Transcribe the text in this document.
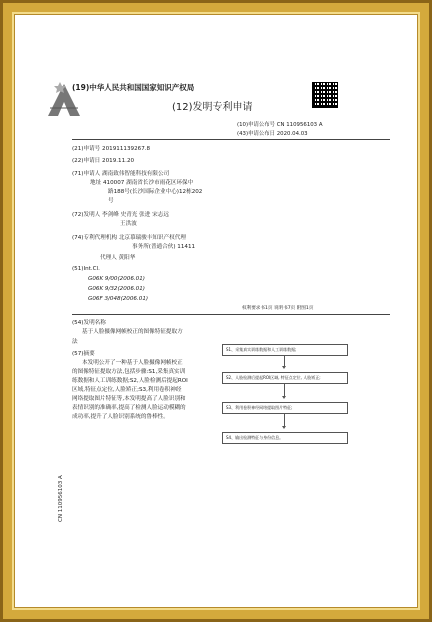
(19)中华人民共和国国家知识产权局
(12)发明专利申请
(10)申请公布号 CN 110956103 A
(43)申请公布日 2020.04.03
(21)申请号 201911139267.8
(22)申请日 2019.11.20
(71)申请人 湖南致伟智能科技有限公司
地址 410007 湖南省长沙市雨花区环保中
路188号(长沙国际企业中心)12栋202
号
(72)发明人 李剑峰 史青光 张进 宋志远
王洪波
(74)专利代理机构 北京慕瑞骏丰知识产权代理
事务所(普通合伙) 11411
代理人 黄阳华
(51)Int.Cl.
G06K 9/00(2006.01)
G06K 9/32(2006.01)
G06F 3/048(2006.01)
权利要求书1页 说明书7页 附图1页
(54)发明名称
基于人脸摄像网帧校正的图像特征提取方
法
(57)摘要
本发明公开了一种基于人脸摄像网帧校正
的图像特征提取方法,包括步骤:S1,采集真实训
练数据和人工训练数据;S2,人脸检测后提起ROI
区域,特征点定位,人脸矫正;S3,利用卷积神经
网络提取图片特征等,本发明提高了人脸识别和
表情识别的准确率,提高了检测人脸运动模糊的
成功率,提升了人脸识别系统的鲁棒性。
S1、采集真实训练数据和人工训练数据;
S2、人脸检测后提起ROI区域, 特征点定位, 人脸矫正;
S3、利用卷积神经网络提取图片特征;
S4、输出检测特征与身份信息。
CN 110956103 A
